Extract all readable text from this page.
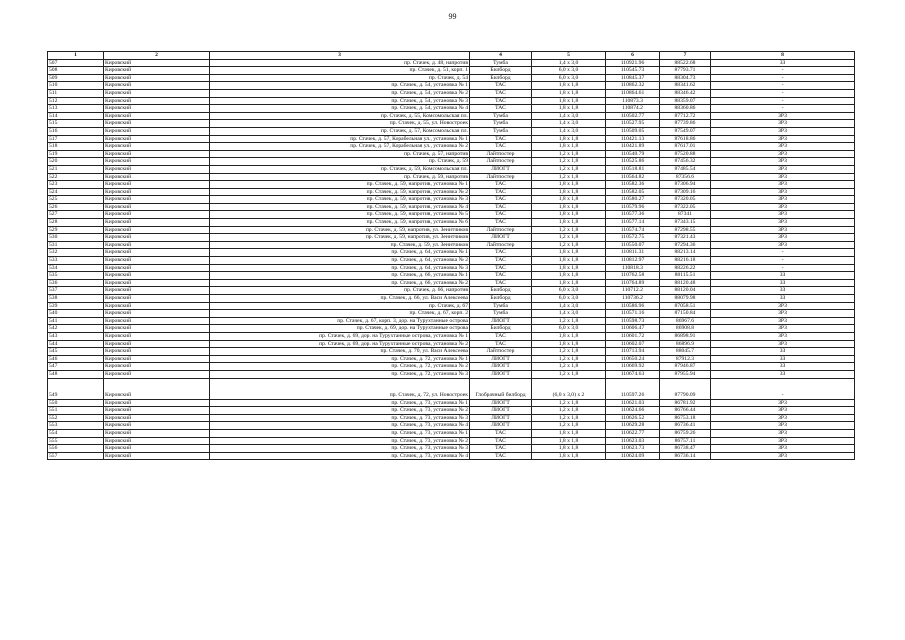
99
1	2	3	4	5	6	7	8
507	Кировский	пр. Стачек, д. 48, напротив	Тумба	1,4 x 3,0	110921.96	88522.68	ЗЗ
508	Кировский	пр. Стачек, д. 51, корп. 1	Билборд	6,0 x 3,0	110545.73	87793.71	-
509	Кировский	пр. Стачек, д. 54	Билборд	6,0 x 3,0	110845.37	88304.73	-
510	Кировский	пр. Стачек, д. 54, установка № 1	ТАС	1,8 x 1,8	110862.32	88341.62	-
511	Кировский	пр. Стачек, д. 54, установка № 2	ТАС	1,8 x 1,8	110864.61	88346.42	-
512	Кировский	пр. Стачек, д. 54, установка № 3	ТАС	1,8 x 1,8	110873.3	88359.07	-
513	Кировский	пр. Стачек, д. 54, установка № 4	ТАС	1,8 x 1,8	110874.2	88360.86	-
514	Кировский	пр. Стачек, д. 55, Комсомольская пл.	Тумба	1,4 x 3,0	110502.77	87712.72	ЗРЗ
515	Кировский	пр. Стачек, д. 55, ул. Новостроек	Тумба	1,4 x 3,0	110527.95	87739.86	ЗРЗ
516	Кировский	пр. Стачек, д. 57, Комсомольская пл.	Тумба	1,4 x 3,0	110509.05	87549.07	ЗРЗ
517	Кировский	пр. Стачек, д. 57, Корабельная ул., установка № 1	ТАС	1,8 x 1,8	110421.13	87618.86	ЗРЗ
518	Кировский	пр. Стачек, д. 57, Корабельная ул., установка № 2	ТАС	1,8 x 1,8	110421.89	87617.01	ЗРЗ
519	Кировский	пр. Стачек, д. 57, напротив	Лайтпостер	1,2 x 1,8	110540.79	87520.88	ЗРЗ
520	Кировский	пр. Стачек, д. 59	Лайтпостер	1,2 x 1,8	110525.86	87456.32	ЗРЗ
521	Кировский	пр. Стачек, д. 59, Комсомольская пл.	ЛИОГТ	1,2 x 1,8	110518.81	87485.54	ЗРЗ
522	Кировский	пр. Стачек, д. 59, напротив	Лайтпостер	1,2 x 1,8	110564.82	87356.6	ЗРЗ
523	Кировский	пр. Стачек, д. 59, напротив, установка № 1	ТАС	1,8 x 1,8	110582.36	87306.94	ЗРЗ
524	Кировский	пр. Стачек, д. 59, напротив, установка № 2	ТАС	1,8 x 1,8	110582.05	87309.16	ЗРЗ
525	Кировский	пр. Стачек, д. 59, напротив, установка № 3	ТАС	1,8 x 1,8	110580.27	87320.05	ЗРЗ
526	Кировский	пр. Стачек, д. 59, напротив, установка № 4	ТАС	1,8 x 1,8	110579.96	87322.05	ЗРЗ
527	Кировский	пр. Стачек, д. 59, напротив, установка № 5	ТАС	1,8 x 1,8	110577.36	87341	ЗРЗ
528	Кировский	пр. Стачек, д. 59, напротив, установка № 6	ТАС	1,8 x 1,8	110577.14	87343.15	ЗРЗ
529	Кировский	пр. Стачек, д. 59, напротив, ул. Зенитчиков	Лайтпостер	1,2 x 1,8	110574.74	87298.55	ЗРЗ
530	Кировский	пр. Стачек, д. 59, напротив, ул. Зенитчиков	ЛИОГТ	1,2 x 1,8	110572.75	87321.43	ЗРЗ
531	Кировский	пр. Стачек, д. 59, ул. Зенитчиков	Лайтпостер	1,2 x 1,8	110550.07	87294.36	ЗРЗ
532	Кировский	пр. Стачек, д. 64, установка № 1	ТАС	1,8 x 1,8	110811.31	88213.14	-
533	Кировский	пр. Стачек, д. 64, установка № 2	ТАС	1,8 x 1,8	110812.97	88216.18	-
534	Кировский	пр. Стачек, д. 64, установка № 3	ТАС	1,8 x 1,8	110818.3	88226.22	-
535	Кировский	пр. Стачек, д. 66, установка № 1	ТАС	1,8 x 1,8	110762.58	88115.51	ЗЗ
536	Кировский	пр. Стачек, д. 66, установка № 2	ТАС	1,8 x 1,8	110764.89	88120.48	ЗЗ
537	Кировский	пр. Стачек, д. 66, напротив	Билборд	6,0 x 3,0	110712.2	88120.04	ЗЗ
538	Кировский	пр. Стачек, д. 66, ул. Васи Алексеева	Билборд	6,0 x 3,0	110736.2	88079.98	ЗЗ
539	Кировский	пр. Стачек, д. 67	Тумба	1,4 x 3,0	110586.96	87058.51	ЗРЗ
540	Кировский	пр. Стачек, д. 67, корп. 2	Тумба	1,4 x 3,0	110571.16	87150.84	ЗРЗ
541	Кировский	пр. Стачек, д. 67, корп. 3, дор. на Турухтанные острова	ЛИОГТ	1,2 x 1,8	110598.73	86967.6	ЗРЗ
542	Кировский	пр. Стачек, д. 69, дор. на Турухтанные острова	Билборд	6,0 x 3,0	110606.47	86908.8	ЗРЗ
543	Кировский	пр. Стачек, д. 69, дор. на Турухтанные острова, установка № 1	ТАС	1,8 x 1,8	110601.72	86898.91	ЗРЗ
544	Кировский	пр. Стачек, д. 69, дор. на Турухтанные острова, установка № 2	ТАС	1,8 x 1,8	110602.07	86896.9	ЗРЗ
545	Кировский	пр. Стачек, д. 70, ул. Васи Алексеева	Лайтпостер	1,2 x 1,8	110713.94	88045.7	ЗЗ
546	Кировский	пр. Стачек, д. 72, установка № 1	ЛИОГТ	1,2 x 1,8	110650.24	87912.3	ЗЗ
547	Кировский	пр. Стачек, д. 72, установка № 2	ЛИОГТ	1,2 x 1,8	110669.92	87946.87	ЗЗ
548	Кировский	пр. Стачек, д. 72, установка № 3	ЛИОГТ	1,2 x 1,8	110674.63	87955.94	ЗЗ
549	Кировский	пр. Стачек, д. 72, ул. Новостроек	Глобрачный билборд	(6,0 x 3,0) x 2	110597.26	87790.09	-
550	Кировский	пр. Стачек, д. 73, установка № 1	ЛИОГТ	1,2 x 1,8	110621.03	86781.92	ЗРЗ
551	Кировский	пр. Стачек, д. 73, установка № 2	ЛИОГТ	1,2 x 1,8	110624.66	86766.44	ЗРЗ
552	Кировский	пр. Стачек, д. 73, установка № 3	ЛИОГТ	1,2 x 1,8	110626.52	86753.18	ЗРЗ
553	Кировский	пр. Стачек, д. 73, установка № 4	ЛИОГТ	1,2 x 1,8	110629.28	86736.41	ЗРЗ
554	Кировский	пр. Стачек, д. 73, установка № 1	ТАС	1,8 x 1,8	110622.77	86759.26	ЗРЗ
555	Кировский	пр. Стачек, д. 73, установка № 2	ТАС	1,8 x 1,8	110623.03	86757.11	ЗРЗ
556	Кировский	пр. Стачек, д. 73, установка № 3	ТАС	1,8 x 1,8	110623.73	86738.47	ЗРЗ
557	Кировский	пр. Стачек, д. 73, установка № 4	ТАС	1,8 x 1,8	110624.09	86736.14	ЗРЗ
